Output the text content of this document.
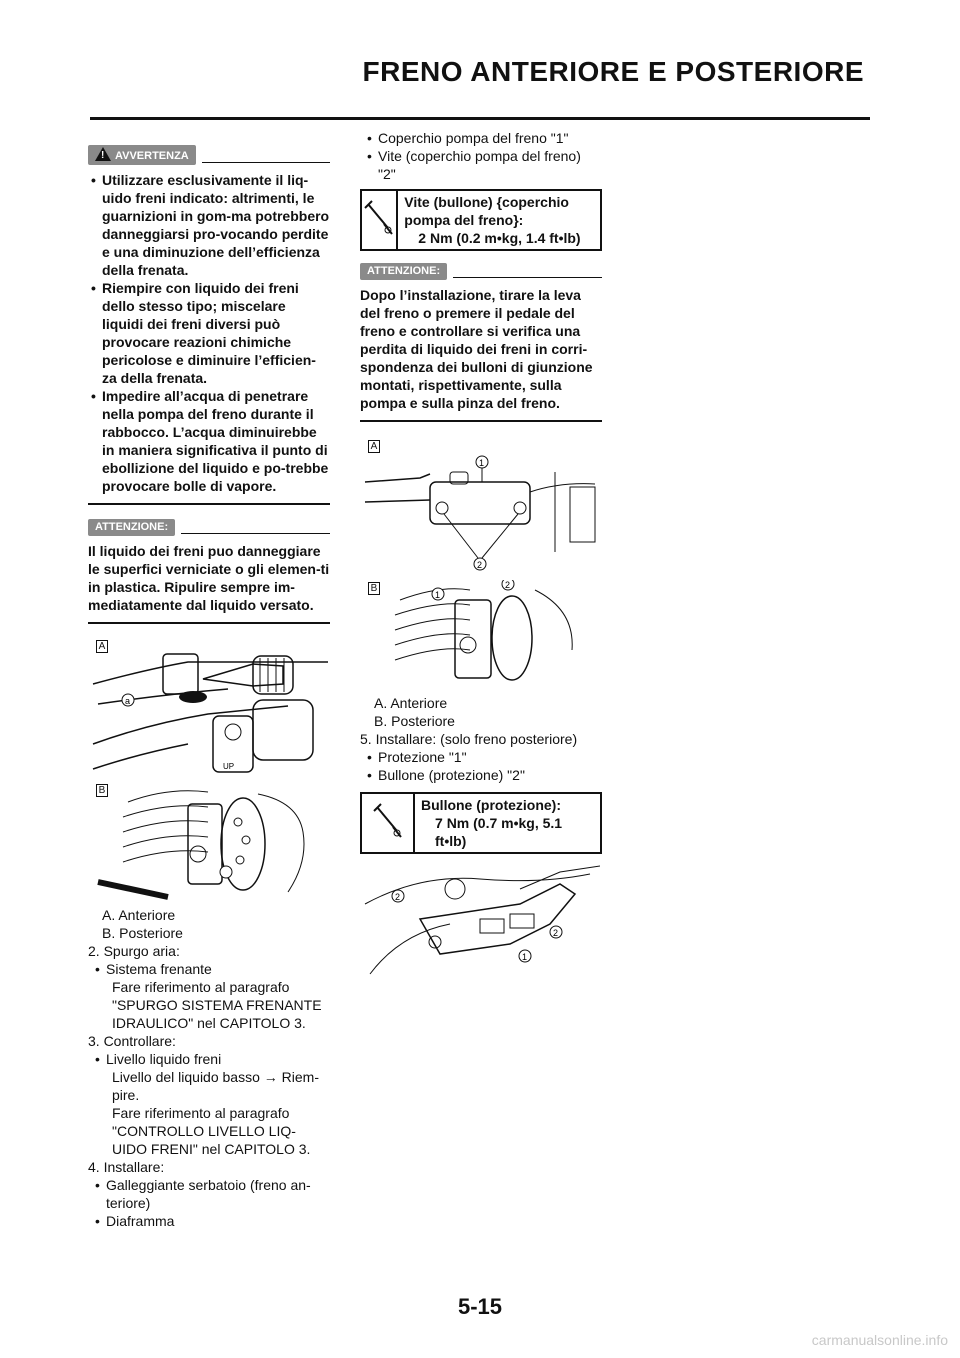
FRENO ANTERIORE E POSTERIORE
!AVVERTENZA
• Utilizzare esclusivamente il liq-uido freni indicato: altrimenti, le guarnizioni in gom-ma potrebbero danneggiarsi pro-vocando perdite e una diminuzione dell’efficienza della frenata.
• Riempire con liquido dei freni dello stesso tipo; miscelare liquidi dei freni diversi può provocare reazioni chimiche pericolose e diminuire l’efficien-za della frenata.
• Impedire all’acqua di penetrare nella pompa del freno durante il rabbocco. L’acqua diminuirebbe in maniera significativa il punto di ebollizione del liquido e po-trebbe provocare bolle di vapore.
ATTENZIONE:
Il liquido dei freni puo danneggiare le superfici verniciate o gli elemen-ti in plastica. Ripulire sempre im-mediatamente dal liquido versato.
A
a
UP
B
A. Anteriore
B. Posteriore
2. Spurgo aria:
• Sistema frenante
Fare riferimento al paragrafo "SPURGO SISTEMA FRENANTE IDRAULICO" nel CAPITOLO 3.
3. Controllare:
• Livello liquido freni
Livello del liquido basso → Riem-pire.
Fare riferimento al paragrafo "CONTROLLO LIVELLO LIQ-UIDO FRENI" nel CAPITOLO 3.
4. Installare:
• Galleggiante serbatoio (freno an-teriore)
• Diaframma
• Coperchio pompa del freno "1"
• Vite (coperchio pompa del freno) "2"
Vite (bullone) {coperchio pompa del freno}:
2 Nm (0.2 m•kg, 1.4 ft•lb)
ATTENZIONE:
Dopo l’installazione, tirare la leva del freno o premere il pedale del freno e controllare si verifica una perdita di liquido dei freni in corri-spondenza dei bulloni di giunzione montati, rispettivamente, sulla pompa e sulla pinza del freno.
A
1
2
B
1
2
A. Anteriore
B. Posteriore
5. Installare: (solo freno posteriore)
• Protezione "1"
• Bullone (protezione) "2"
Bullone (protezione):
7 Nm (0.7 m•kg, 5.1 ft•lb)
2
2
1
5-15
carmanualsonline.info
